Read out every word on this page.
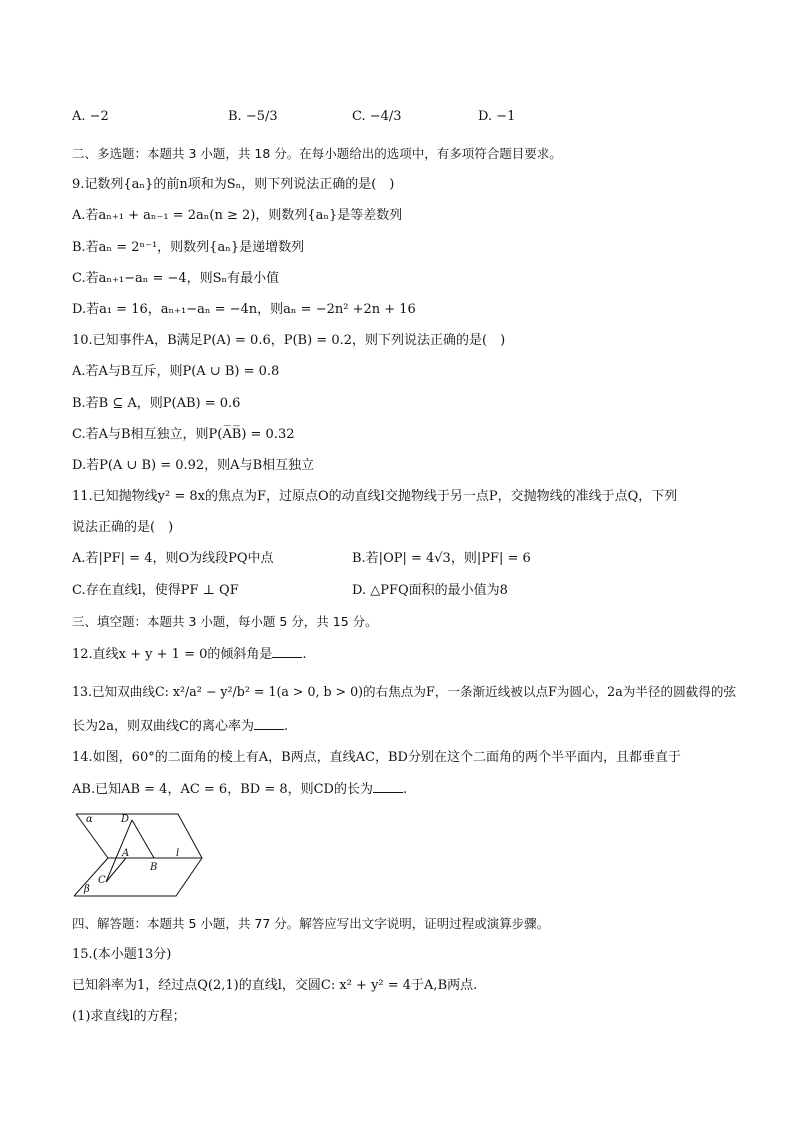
A. −2	B. −5/3	C. −4/3	D. −1
二、多选题：本题共 3 小题，共 18 分。在每小题给出的选项中，有多项符合题目要求。
9.记数列{aₙ}的前n项和为Sₙ，则下列说法正确的是(　)
A.若aₙ₊₁ + aₙ₋₁ = 2aₙ(n ≥ 2)，则数列{aₙ}是等差数列
B.若aₙ = 2ⁿ⁻¹，则数列{aₙ}是递增数列
C.若aₙ₊₁−aₙ = −4，则Sₙ有最小值
D.若a₁ = 16，aₙ₊₁−aₙ = −4n，则aₙ = −2n² +2n + 16
10.已知事件A，B满足P(A) = 0.6，P(B) = 0.2，则下列说法正确的是(　)
A.若A与B互斥，则P(A ∪ B) = 0.8
B.若B ⊆ A，则P(AB) = 0.6
C.若A与B相互独立，则P(A̅B̅) = 0.32
D.若P(A ∪ B) = 0.92，则A与B相互独立
11.已知抛物线y² = 8x的焦点为F，过原点O的动直线l交抛物线于另一点P，交抛物线的准线于点Q，下列
说法正确的是(　)
A.若|PF| = 4，则O为线段PQ中点	B.若|OP| = 4√3，则|PF| = 6
C.存在直线l，使得PF ⊥ QF	D. △PFQ面积的最小值为8
三、填空题：本题共 3 小题，每小题 5 分，共 15 分。
12.直线x + y + 1 = 0的倾斜角是 .
13.已知双曲线C: x²/a² − y²/b² = 1(a > 0, b > 0)的右焦点为F，一条渐近线被以点F为圆心，2a为半径的圆截得的弦
长为2a，则双曲线C的离心率为 .
14.如图，60°的二面角的棱上有A，B两点，直线AC，BD分别在这个二面角的两个半平面内，且都垂直于
AB.已知AB = 4，AC = 6，BD = 8，则CD的长为 .
α	D
A
B
l
C
β
四、解答题：本题共 5 小题，共 77 分。解答应写出文字说明，证明过程或演算步骤。
15.(本小题13分)
已知斜率为1，经过点Q(2,1)的直线l，交圆C: x² + y² = 4于A,B两点.
(1)求直线l的方程；
